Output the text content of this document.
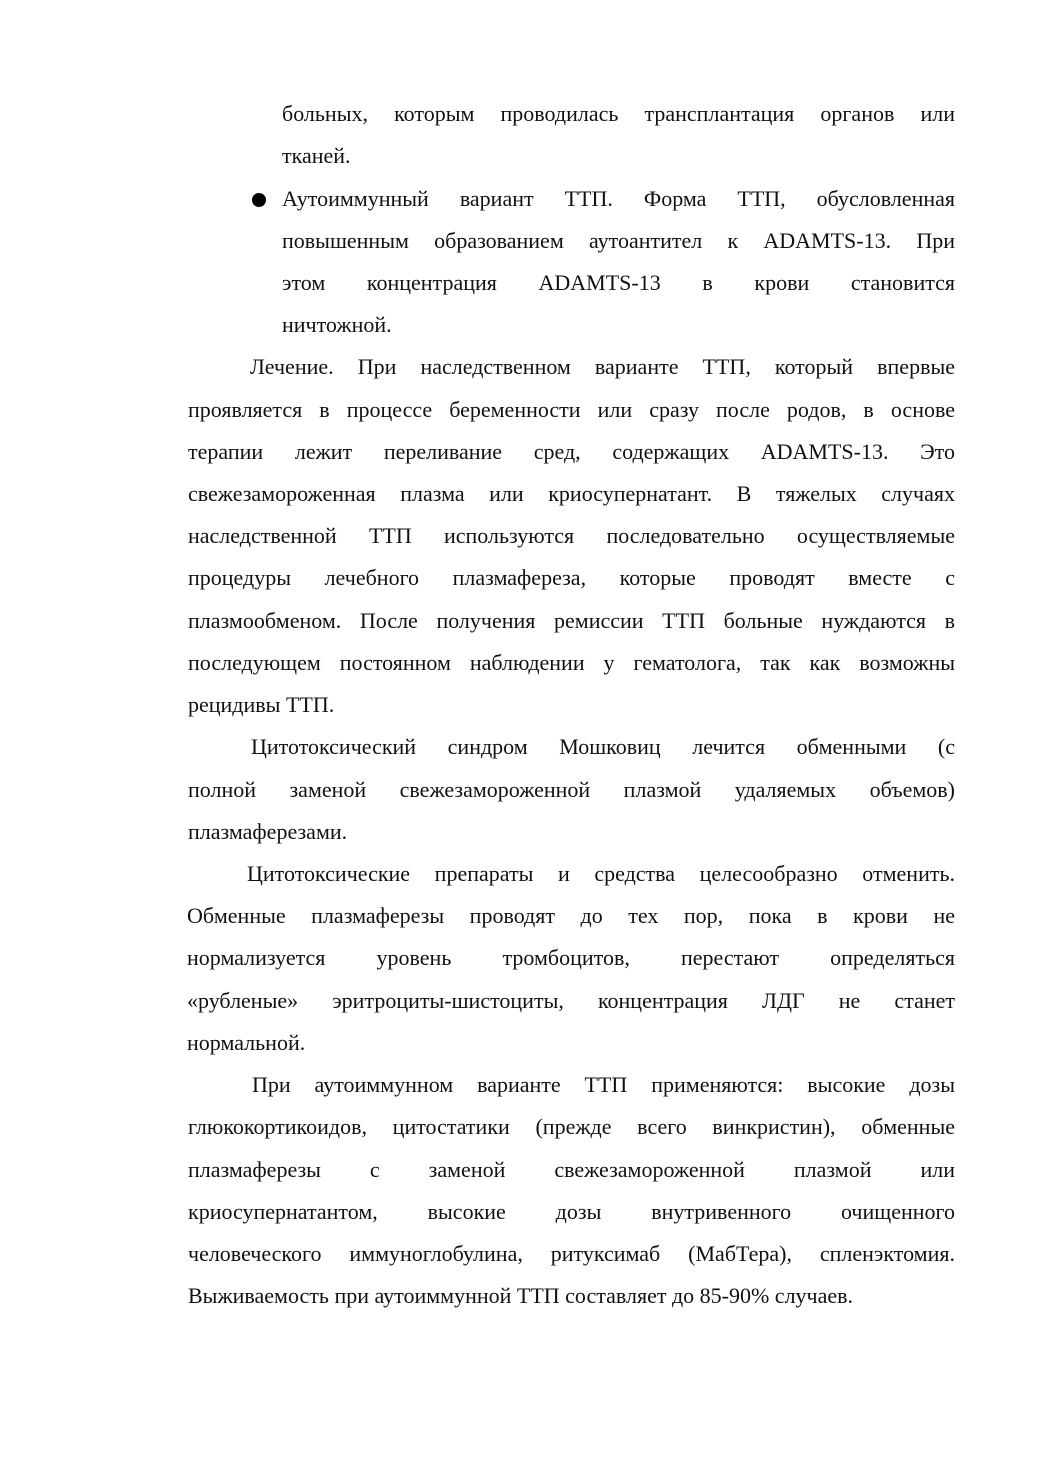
больных, которым проводилась трансплантация органов или
тканей.
Аутоиммунный вариант ТТП. Форма ТТП, обусловленная
повышенным образованием аутоантител к ADAMTS-13. При
этом концентрация ADAMTS-13 в крови становится
ничтожной.
Лечение. При наследственном варианте ТТП, который впервые
проявляется в процессе беременности или сразу после родов, в основе
терапии лежит переливание сред, содержащих ADAMTS-13. Это
свежезамороженная плазма или криосупернатант. В тяжелых случаях
наследственной ТТП используются последовательно осуществляемые
процедуры лечебного плазмафереза, которые проводят вместе с
плазмообменом. После получения ремиссии ТТП больные нуждаются в
последующем постоянном наблюдении у гематолога, так как возможны
рецидивы ТТП.
Цитотоксический синдром Мошковиц лечится обменными (с
полной заменой свежезамороженной плазмой удаляемых объемов)
плазмаферезами.
Цитотоксические препараты и средства целесообразно отменить.
Обменные плазмаферезы проводят до тех пор, пока в крови не
нормализуется уровень тромбоцитов, перестают определяться
«рубленые» эритроциты-шистоциты, концентрация ЛДГ не станет
нормальной.
При аутоиммунном варианте ТТП применяются: высокие дозы
глюкокортикоидов, цитостатики (прежде всего винкристин), обменные
плазмаферезы с заменой свежезамороженной плазмой или
криосупернатантом, высокие дозы внутривенного очищенного
человеческого иммуноглобулина, ритуксимаб (МабТера), спленэктомия.
Выживаемость при аутоиммунной ТТП составляет до 85-90% случаев.
